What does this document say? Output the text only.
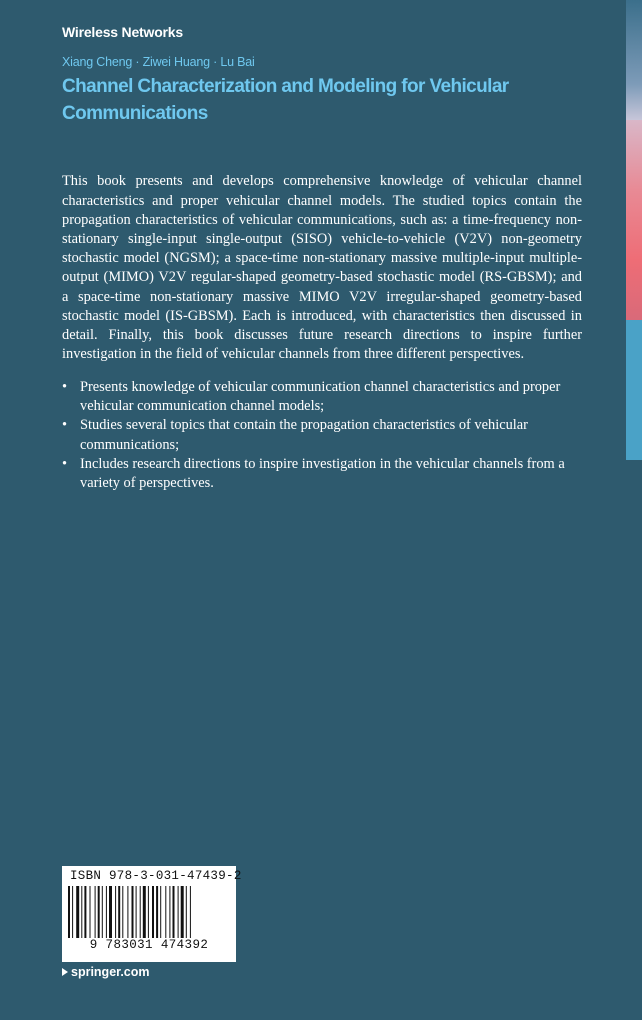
Wireless Networks
Xiang Cheng · Ziwei Huang · Lu Bai
Channel Characterization and Modeling for Vehicular Communications

This book presents and develops comprehensive knowledge of vehicular channel characteristics and proper vehicular channel models. The studied topics contain the propagation characteristics of vehicular communications, such as: a time-frequency non-stationary single-input single-output (SISO) vehicle-to-vehicle (V2V) non-geometry stochastic model (NGSM); a space-time non-stationary massive multiple-input multiple-output (MIMO) V2V regular-shaped geometry-based stochastic model (RS-GBSM); and a space-time non-stationary massive MIMO V2V irregular-shaped geometry-based stochastic model (IS-GBSM). Each is introduced, with characteristics then discussed in detail. Finally, this book discusses future research directions to inspire further investigation in the field of vehicular channels from three different perspectives.

• Presents knowledge of vehicular communication channel characteristics and proper vehicular communication channel models;
• Studies several topics that contain the propagation characteristics of vehicular communications;
• Includes research directions to inspire investigation in the vehicular channels from a variety of perspectives.
ISBN 978-3-031-47439-2
9 783031 474392
springer.com
